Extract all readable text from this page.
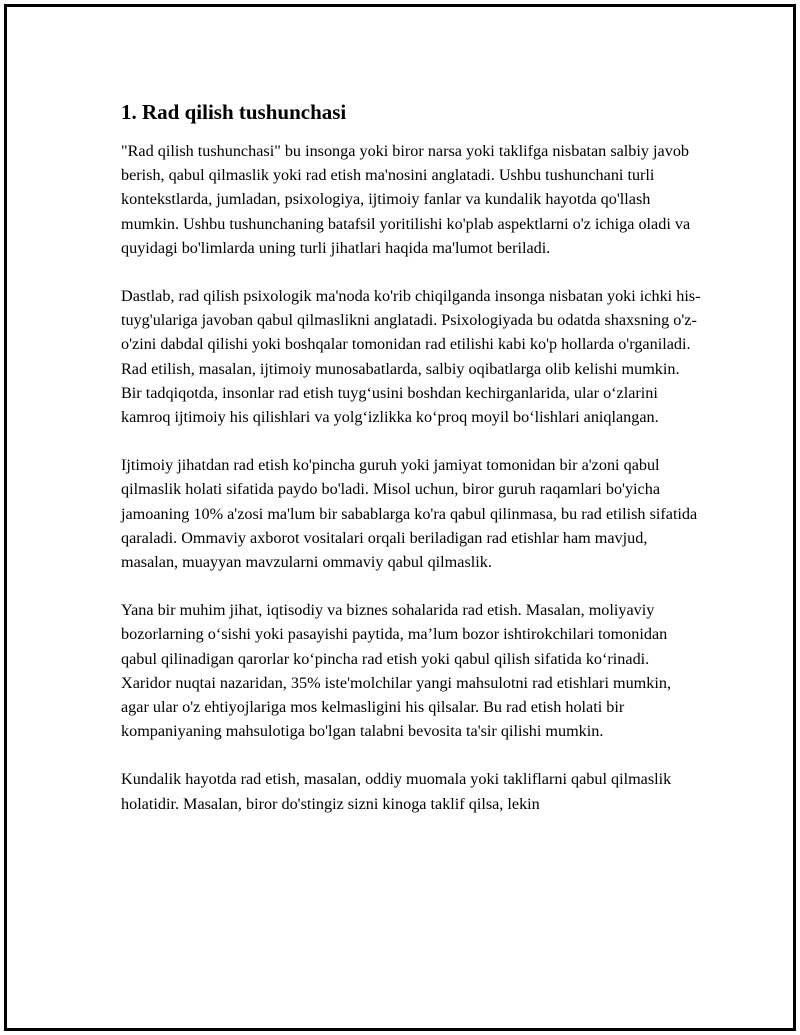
1. Rad qilish tushunchasi

"Rad qilish tushunchasi" bu insonga yoki biror narsa yoki taklifga nisbatan salbiy javob berish, qabul qilmaslik yoki rad etish ma'nosini anglatadi. Ushbu tushunchani turli kontekstlarda, jumladan, psixologiya, ijtimoiy fanlar va kundalik hayotda qo'llash mumkin. Ushbu tushunchaning batafsil yoritilishi ko'plab aspektlarni o'z ichiga oladi va quyidagi bo'limlarda uning turli jihatlari haqida ma'lumot beriladi.

Dastlab, rad qilish psixologik ma'noda ko'rib chiqilganda insonga nisbatan yoki ichki his-tuyg'ulariga javoban qabul qilmaslikni anglatadi. Psixologiyada bu odatda shaxsning o'z-o'zini dabdal qilishi yoki boshqalar tomonidan rad etilishi kabi ko'p hollarda o'rganiladi. Rad etilish, masalan, ijtimoiy munosabatlarda, salbiy oqibatlarga olib kelishi mumkin. Bir tadqiqotda, insonlar rad etish tuyg‘usini boshdan kechirganlarida, ular o‘zlarini kamroq ijtimoiy his qilishlari va yolg‘izlikka ko‘proq moyil bo‘lishlari aniqlangan.

Ijtimoiy jihatdan rad etish ko'pincha guruh yoki jamiyat tomonidan bir a'zoni qabul qilmaslik holati sifatida paydo bo'ladi. Misol uchun, biror guruh raqamlari bo'yicha jamoaning 10% a'zosi ma'lum bir sabablarga ko'ra qabul qilinmasa, bu rad etilish sifatida qaraladi. Ommaviy axborot vositalari orqali beriladigan rad etishlar ham mavjud, masalan, muayyan mavzularni ommaviy qabul qilmaslik.

Yana bir muhim jihat, iqtisodiy va biznes sohalarida rad etish. Masalan, moliyaviy bozorlarning o‘sishi yoki pasayishi paytida, ma’lum bozor ishtirokchilari tomonidan qabul qilinadigan qarorlar ko‘pincha rad etish yoki qabul qilish sifatida ko‘rinadi. Xaridor nuqtai nazaridan, 35% iste'molchilar yangi mahsulotni rad etishlari mumkin, agar ular o'z ehtiyojlariga mos kelmasligini his qilsalar. Bu rad etish holati bir kompaniyaning mahsulotiga bo'lgan talabni bevosita ta'sir qilishi mumkin.

Kundalik hayotda rad etish, masalan, oddiy muomala yoki takliflarni qabul qilmaslik holatidir. Masalan, biror do'stingiz sizni kinoga taklif qilsa, lekin
